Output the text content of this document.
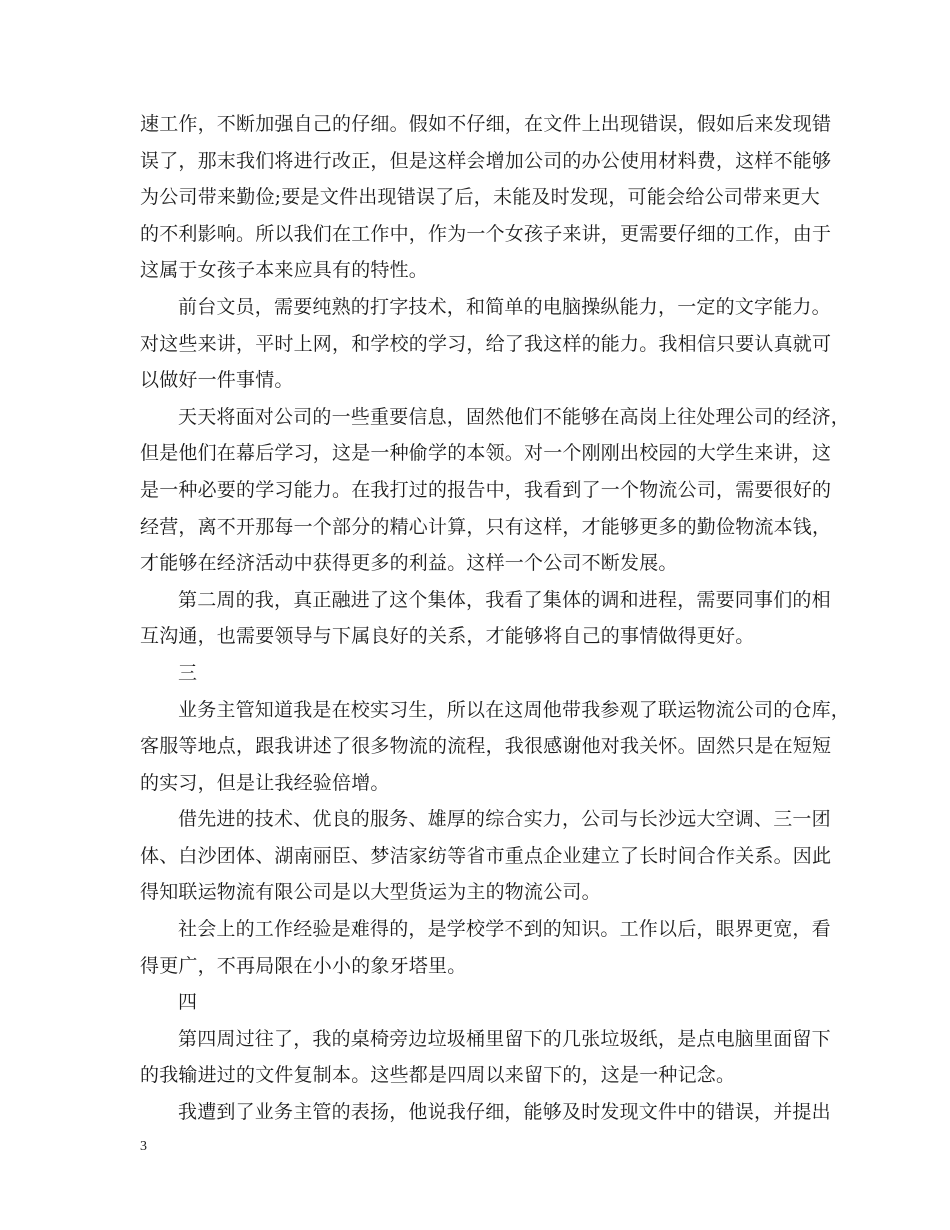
速工作，不断加强自己的仔细。假如不仔细，在文件上出现错误，假如后来发现错
误了，那末我们将进行改正，但是这样会增加公司的办公使用材料费，这样不能够
为公司带来勤俭;要是文件出现错误了后，未能及时发现，可能会给公司带来更大
的不利影响。所以我们在工作中，作为一个女孩子来讲，更需要仔细的工作，由于
这属于女孩子本来应具有的特性。
前台文员，需要纯熟的打字技术，和简单的电脑操纵能力，一定的文字能力。
对这些来讲，平时上网，和学校的学习，给了我这样的能力。我相信只要认真就可
以做好一件事情。
天天将面对公司的一些重要信息，固然他们不能够在高岗上往处理公司的经济，
但是他们在幕后学习，这是一种偷学的本领。对一个刚刚出校园的大学生来讲，这
是一种必要的学习能力。在我打过的报告中，我看到了一个物流公司，需要很好的
经营，离不开那每一个部分的精心计算，只有这样，才能够更多的勤俭物流本钱，
才能够在经济活动中获得更多的利益。这样一个公司不断发展。
第二周的我，真正融进了这个集体，我看了集体的调和进程，需要同事们的相
互沟通，也需要领导与下属良好的关系，才能够将自己的事情做得更好。
三
业务主管知道我是在校实习生，所以在这周他带我参观了联运物流公司的仓库，
客服等地点，跟我讲述了很多物流的流程，我很感谢他对我关怀。固然只是在短短
的实习，但是让我经验倍增。
借先进的技术、优良的服务、雄厚的综合实力，公司与长沙远大空调、三一团
体、白沙团体、湖南丽臣、梦洁家纺等省市重点企业建立了长时间合作关系。因此
得知联运物流有限公司是以大型货运为主的物流公司。
社会上的工作经验是难得的，是学校学不到的知识。工作以后，眼界更宽，看
得更广，不再局限在小小的象牙塔里。
四
第四周过往了，我的桌椅旁边垃圾桶里留下的几张垃圾纸，是点电脑里面留下
的我输进过的文件复制本。这些都是四周以来留下的，这是一种记念。
我遭到了业务主管的表扬，他说我仔细，能够及时发现文件中的错误，并提出
3
